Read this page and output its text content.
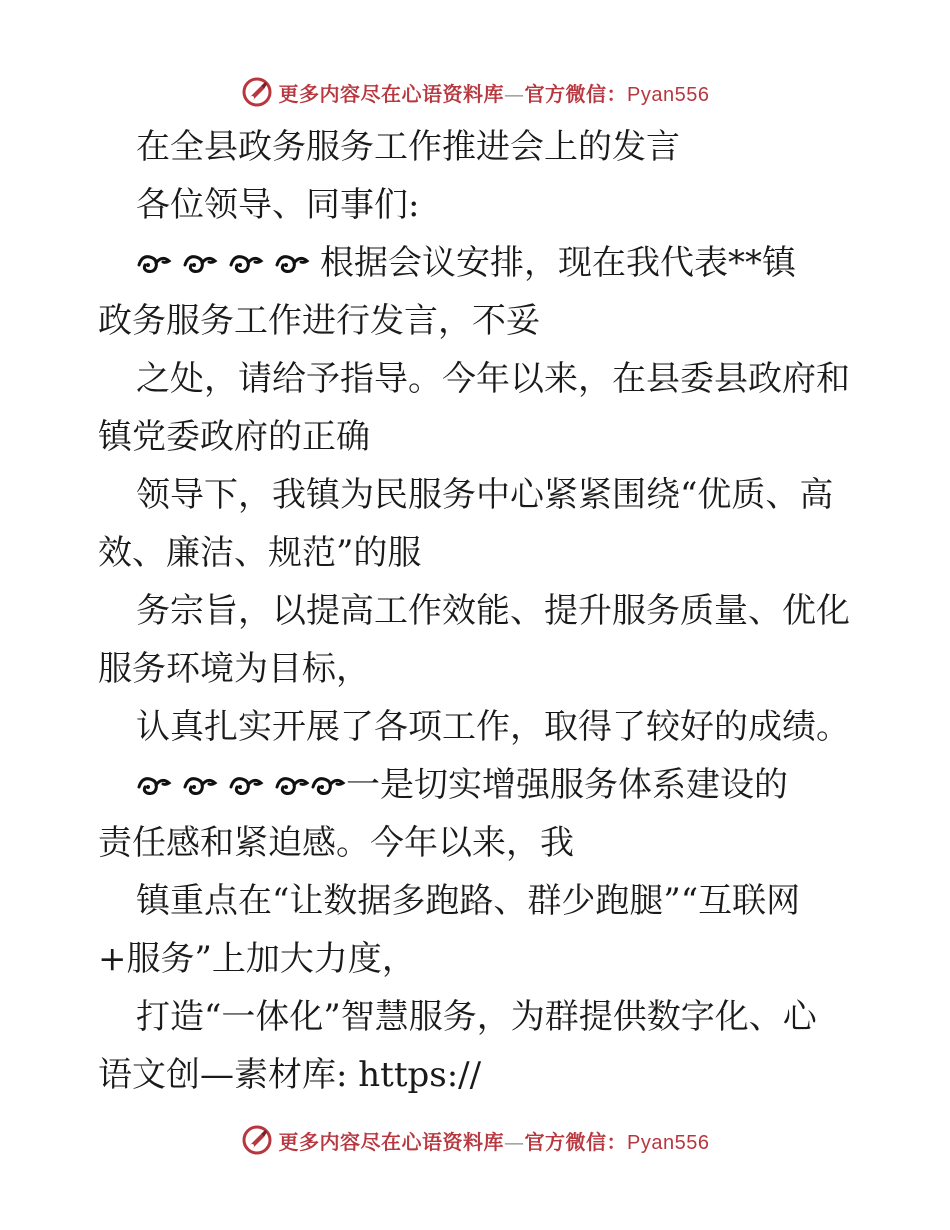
更多内容尽在心语资料库—官方微信：Pyan556
在全县政务服务工作推进会上的发言
各位领导、同事们:
根据会议安排，现在我代表**镇
政务服务工作进行发言，不妥
之处，请给予指导。今年以来，在县委县政府和
镇党委政府的正确
领导下，我镇为民服务中心紧紧围绕“优质、高
效、廉洁、规范”的服
务宗旨，以提高工作效能、提升服务质量、优化
服务环境为目标，
认真扎实开展了各项工作，取得了较好的成绩。
一是切实增强服务体系建设的
责任感和紧迫感。今年以来，我
镇重点在“让数据多跑路、群少跑腿”“互联网
+服务”上加大力度，
打造“一体化”智慧服务，为群提供数字化、心
语文创—素材库: https://
更多内容尽在心语资料库—官方微信：Pyan556
